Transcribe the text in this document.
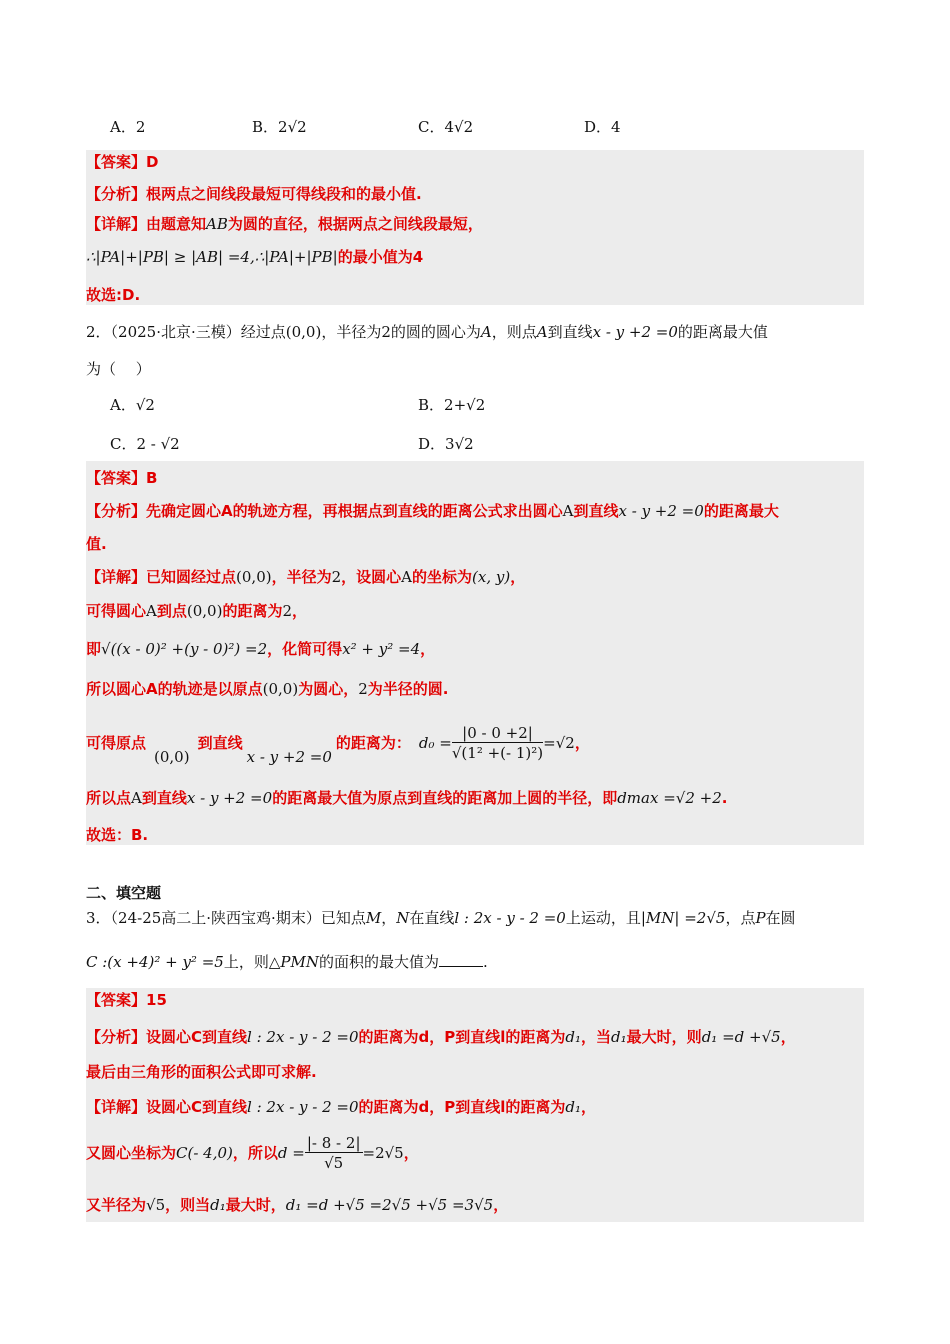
A．2	B．2√2	C．4√2	D．4
【答案】D
【分析】根两点之间线段最短可得线段和的最小值.
【详解】由题意知AB为圆的直径，根据两点之间线段最短，
∴|PA|+|PB| ≥ |AB| =4,∴|PA|+|PB|的最小值为4
故选:D.
2．（2025·北京·三模）经过点(0,0)，半径为2的圆的圆心为A，则点A到直线x - y +2 =0的距离最大值
为（　 ）
A．√2	B．2+√2
C．2 - √2	D．3√2
【答案】B
【分析】先确定圆心A的轨迹方程，再根据点到直线的距离公式求出圆心A到直线x - y +2 =0的距离最大
值.
【详解】已知圆经过点(0,0)，半径为2，设圆心A的坐标为(x, y)，
可得圆心A到点(0,0)的距离为2，
即√((x - 0)² +(y - 0)²) =2，化简可得x² + y² =4，
所以圆心A的轨迹是以原点(0,0)为圆心，2为半径的圆.
可得原点(0,0)到直线x - y +2 =0的距离为： $d_0 = \frac{|0 - 0 +2|}{\text{√(1² +(- 1)²)}} =√2$，
所以点A到直线x - y +2 =0的距离最大值为原点到直线的距离加上圆的半径，即dmax =√2 +2.
故选：B.
二、填空题
3．（24-25高二上·陕西宝鸡·期末）已知点M，N在直线l : 2x - y - 2 =0上运动，且|MN| =2√5，点P在圆
C :(x +4)² + y² =5上，则△PMN的面积的最大值为	.
【答案】15
【分析】设圆心C到直线l : 2x - y - 2 =0的距离为d，P到直线l的距离为d₁，当d₁最大时，则d₁ =d +√5，
最后由三角形的面积公式即可求解.
【详解】设圆心C到直线l : 2x - y - 2 =0的距离为d，P到直线l的距离为d₁，
又圆心坐标为C(- 4,0)，所以$d = \frac{|- 8 - 2|}{√5} =2√5$，
又半径为√5，则当d₁最大时，d₁ =d +√5 =2√5 +√5 =3√5，
